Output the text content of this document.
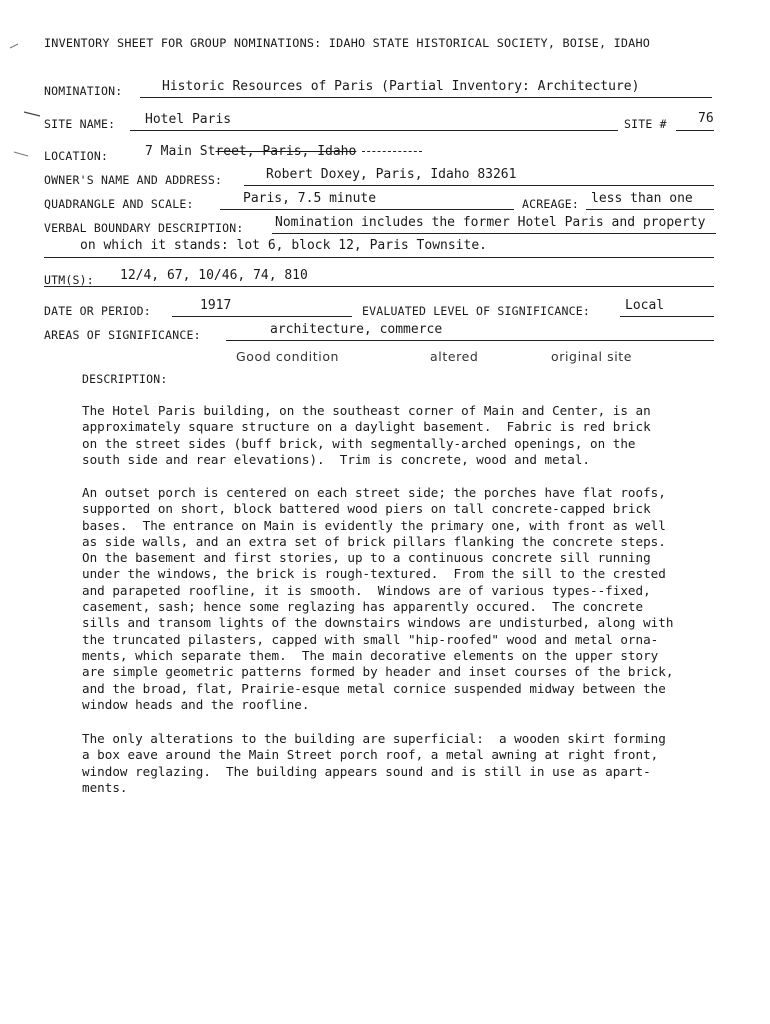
INVENTORY SHEET FOR GROUP NOMINATIONS: IDAHO STATE HISTORICAL SOCIETY, BOISE, IDAHO
NOMINATION:	Historic Resources of Paris (Partial Inventory: Architecture)
SITE NAME: Hotel Paris	SITE # 76
LOCATION:	7 Main Street, Paris, Idaho
OWNER'S NAME AND ADDRESS:	Robert Doxey, Paris, Idaho 83261
QUADRANGLE AND SCALE:	Paris, 7.5 minute	ACREAGE: less than one
VERBAL BOUNDARY DESCRIPTION: Nomination includes the former Hotel Paris and property
on which it stands: lot 6, block 12, Paris Townsite.
UTM(S): 12/4, 67, 10/46, 74, 810
DATE OR PERIOD:	1917	EVALUATED LEVEL OF SIGNIFICANCE:	Local
AREAS OF SIGNIFICANCE:	architecture, commerce
Good condition	altered	original site
DESCRIPTION:
The Hotel Paris building, on the southeast corner of Main and Center, is an
approximately square structure on a daylight basement.  Fabric is red brick
on the street sides (buff brick, with segmentally-arched openings, on the
south side and rear elevations).  Trim is concrete, wood and metal.
An outset porch is centered on each street side; the porches have flat roofs,
supported on short, block battered wood piers on tall concrete-capped brick
bases.  The entrance on Main is evidently the primary one, with front as well
as side walls, and an extra set of brick pillars flanking the concrete steps.
On the basement and first stories, up to a continuous concrete sill running
under the windows, the brick is rough-textured.  From the sill to the crested
and parapeted roofline, it is smooth.  Windows are of various types--fixed,
casement, sash; hence some reglazing has apparently occured.  The concrete
sills and transom lights of the downstairs windows are undisturbed, along with
the truncated pilasters, capped with small "hip-roofed" wood and metal orna-
ments, which separate them.  The main decorative elements on the upper story
are simple geometric patterns formed by header and inset courses of the brick,
and the broad, flat, Prairie-esque metal cornice suspended midway between the
window heads and the roofline.
The only alterations to the building are superficial:  a wooden skirt forming
a box eave around the Main Street porch roof, a metal awning at right front,
window reglazing.  The building appears sound and is still in use as apart-
ments.
